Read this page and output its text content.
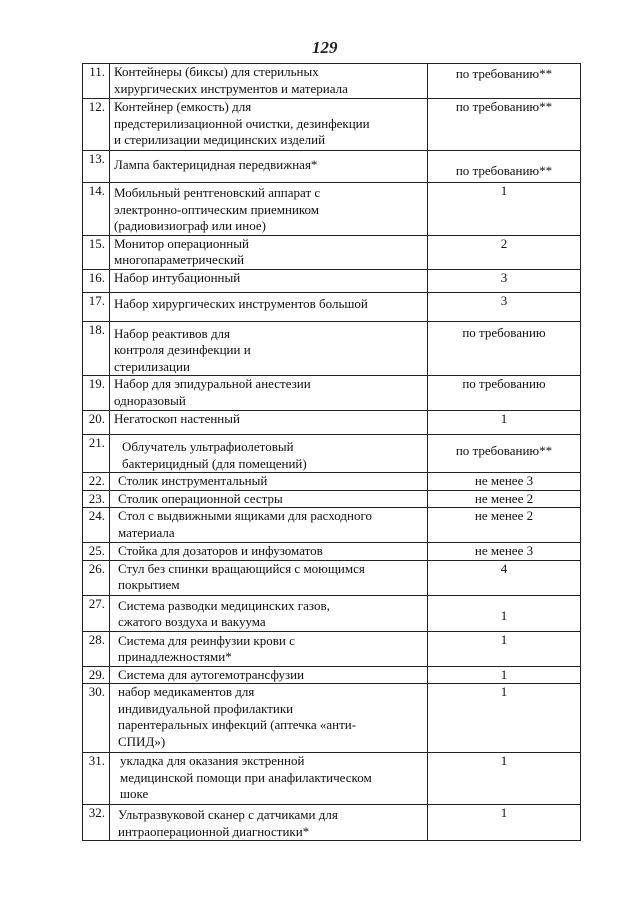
129
11.	Контейнеры (биксы) для стерильных
хирургических инструментов и материала	по требованию**

12.	Контейнер (емкость) для
предстерилизационной очистки, дезинфекции
и стерилизации медицинских изделий	по требованию**

13.	Лампа бактерицидная передвижная*	по требованию**

14.	Мобильный рентгеновский аппарат с
электронно-оптическим приемником
(радиовизиограф или иное)	1

15.	Монитор операционный
многопараметрический	2

16.	Набор интубационный	3

17.	Набор хирургических инструментов большой	3

18.	Набор реактивов для
контроля дезинфекции и
стерилизации	по требованию

19.	Набор для эпидуральной анестезии
одноразовый	по требованию

20.	Негатоскоп настенный	1

21.	Облучатель ультрафиолетовый
бактерицидный (для помещений)	по требованию**

22.	Столик инструментальный	не менее 3

23.	Столик операционной сестры	не менее 2

24.	Стол с выдвижными ящиками для расходного
материала	не менее 2

25.	Стойка для дозаторов и инфузоматов	не менее 3

26.	Стул без спинки вращающийся с моющимся
покрытием	4

27.	Система разводки медицинских газов,
сжатого воздуха и вакуума	1

28.	Система для реинфузии крови с
принадлежностями*	1

29.	Система для аутогемотрансфузии	1

30.	набор медикаментов для
индивидуальной профилактики
парентеральных инфекций (аптечка «анти-
СПИД»)	1

31.	укладка для оказания экстренной
медицинской помощи при анафилактическом
шоке	1

32.	Ультразвуковой сканер с датчиками для
интраоперационной диагностики*	1
